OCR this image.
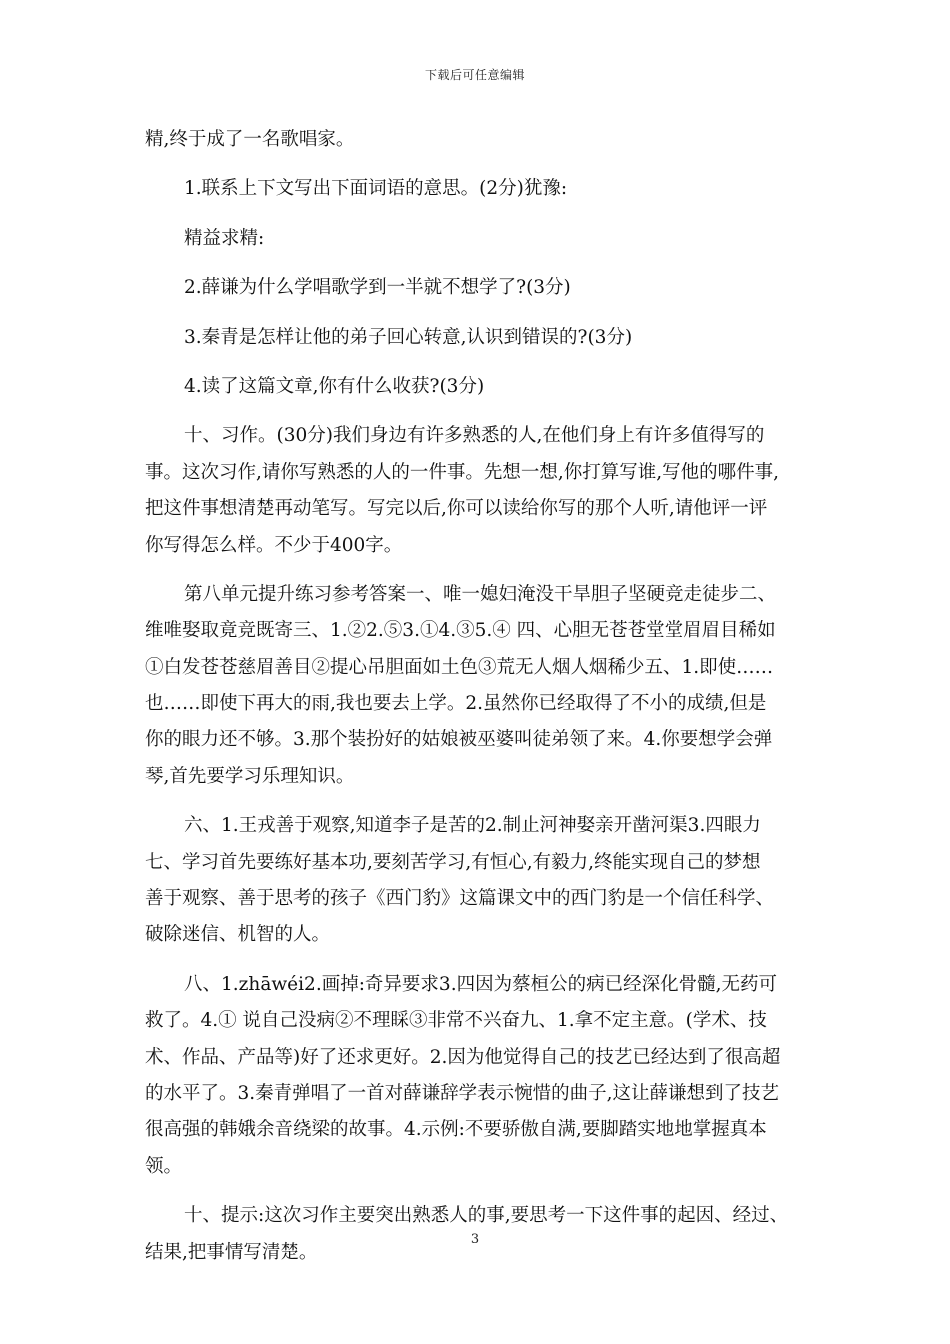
下载后可任意编辑
精,终于成了一名歌唱家。
1.联系上下文写出下面词语的意思。(2分)犹豫:
精益求精:
2.薛谦为什么学唱歌学到一半就不想学了?(3分)
3.秦青是怎样让他的弟子回心转意,认识到错误的?(3分)
4.读了这篇文章,你有什么收获?(3分)
十、习作。(30分)我们身边有许多熟悉的人,在他们身上有许多值得写的
事。这次习作,请你写熟悉的人的一件事。先想一想,你打算写谁,写他的哪件事,
把这件事想清楚再动笔写。写完以后,你可以读给你写的那个人听,请他评一评
你写得怎么样。不少于400字。
第八单元提升练习参考答案一、唯一媳妇淹没干旱胆子坚硬竞走徒步二、
维唯娶取竟竞既寄三、1.②2.⑤3.①4.③5.④ 四、心胆无苍苍堂堂眉眉目稀如
①白发苍苍慈眉善目②提心吊胆面如土色③荒无人烟人烟稀少五、1.即使……
也……即使下再大的雨,我也要去上学。2.虽然你已经取得了不小的成绩,但是
你的眼力还不够。3.那个装扮好的姑娘被巫婆叫徒弟领了来。4.你要想学会弹
琴,首先要学习乐理知识。
六、1.王戎善于观察,知道李子是苦的2.制止河神娶亲开凿河渠3.四眼力
七、学习首先要练好基本功,要刻苦学习,有恒心,有毅力,终能实现自己的梦想
善于观察、善于思考的孩子《西门豹》这篇课文中的西门豹是一个信任科学、
破除迷信、机智的人。
八、1.zhāwéi2.画掉:奇异要求3.四因为蔡桓公的病已经深化骨髓,无药可
救了。4.① 说自己没病②不理睬③非常不兴奋九、1.拿不定主意。(学术、技
术、作品、产品等)好了还求更好。2.因为他觉得自己的技艺已经达到了很高超
的水平了。3.秦青弹唱了一首对薛谦辞学表示惋惜的曲子,这让薛谦想到了技艺
很高强的韩娥余音绕梁的故事。4.示例:不要骄傲自满,要脚踏实地地掌握真本
领。
十、提示:这次习作主要突出熟悉人的事,要思考一下这件事的起因、经过、
结果,把事情写清楚。
3
